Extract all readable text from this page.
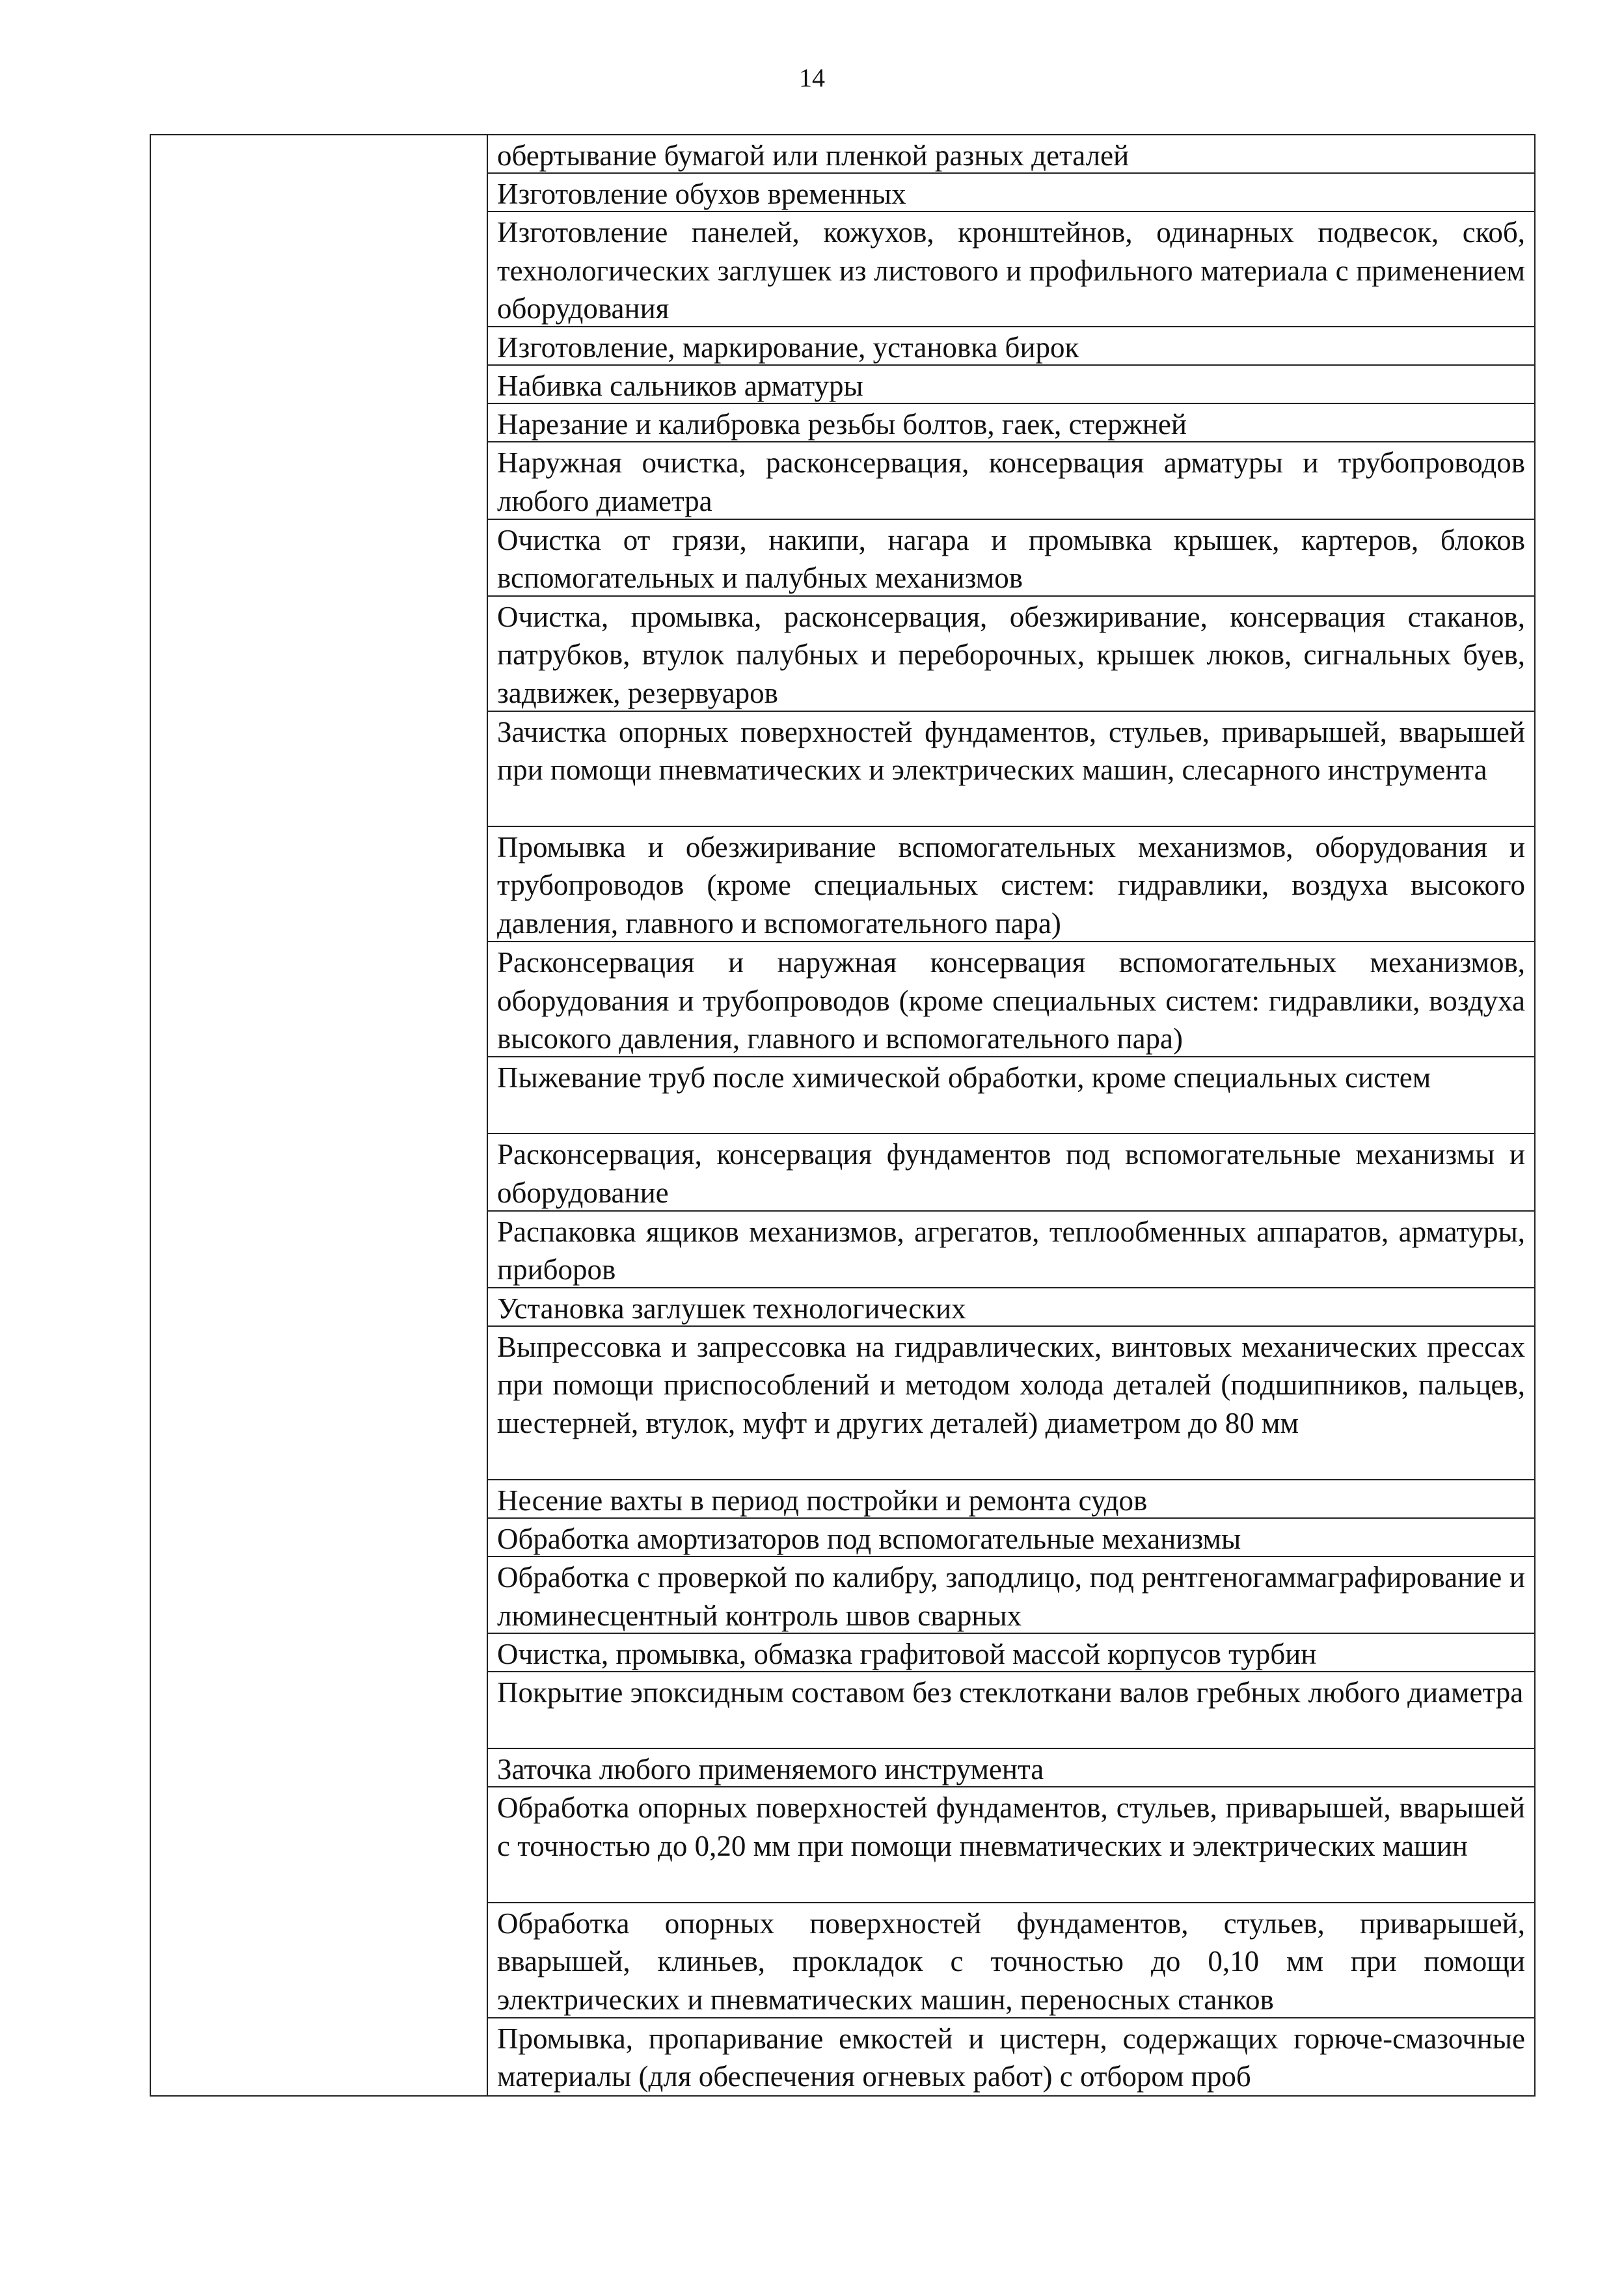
14
обертывание бумагой или пленкой разных деталей
Изготовление обухов временных
Изготовление панелей, кожухов, кронштейнов, одинарных подвесок, скоб, технологических заглушек из листового и профильного материала с применением оборудования
Изготовление, маркирование, установка бирок
Набивка сальников арматуры
Нарезание и калибровка резьбы болтов, гаек, стержней
Наружная очистка, расконсервация, консервация арматуры и трубопроводов любого диаметра
Очистка от грязи, накипи, нагара и промывка крышек, картеров, блоков вспомогательных и палубных механизмов
Очистка, промывка, расконсервация, обезжиривание, консервация стаканов, патрубков, втулок палубных и переборочных, крышек люков, сигнальных буев, задвижек, резервуаров
Зачистка опорных поверхностей фундаментов, стульев, приварышей, вварышей при помощи пневматических и электрических машин, слесарного инструмента
Промывка и обезжиривание вспомогательных механизмов, оборудования и трубопроводов (кроме специальных систем: гидравлики, воздуха высокого давления, главного и вспомогательного пара)
Расконсервация и наружная консервация вспомогательных механизмов, оборудования и трубопроводов (кроме специальных систем: гидравлики, воздуха высокого давления, главного и вспомогательного пара)
Пыжевание труб после химической обработки, кроме специальных систем
Расконсервация, консервация фундаментов под вспомогательные механизмы и оборудование
Распаковка ящиков механизмов, агрегатов, теплообменных аппаратов, арматуры, приборов
Установка заглушек технологических
Выпрессовка и запрессовка на гидравлических, винтовых механических прессах при помощи приспособлений и методом холода деталей (подшипников, пальцев, шестерней, втулок, муфт и других деталей) диаметром до 80 мм
Несение вахты в период постройки и ремонта судов
Обработка амортизаторов под вспомогательные механизмы
Обработка с проверкой по калибру, заподлицо, под рентгеногаммаграфирование и люминесцентный контроль швов сварных
Очистка, промывка, обмазка графитовой массой корпусов турбин
Покрытие эпоксидным составом без стеклоткани валов гребных любого диаметра
Заточка любого применяемого инструмента
Обработка опорных поверхностей фундаментов, стульев, приварышей, вварышей с точностью до 0,20 мм при помощи пневматических и электрических машин
Обработка опорных поверхностей фундаментов, стульев, приварышей, вварышей, клиньев, прокладок с точностью до 0,10 мм при помощи электрических и пневматических машин, переносных станков
Промывка, пропаривание емкостей и цистерн, содержащих горюче-смазочные материалы (для обеспечения огневых работ) с отбором проб
